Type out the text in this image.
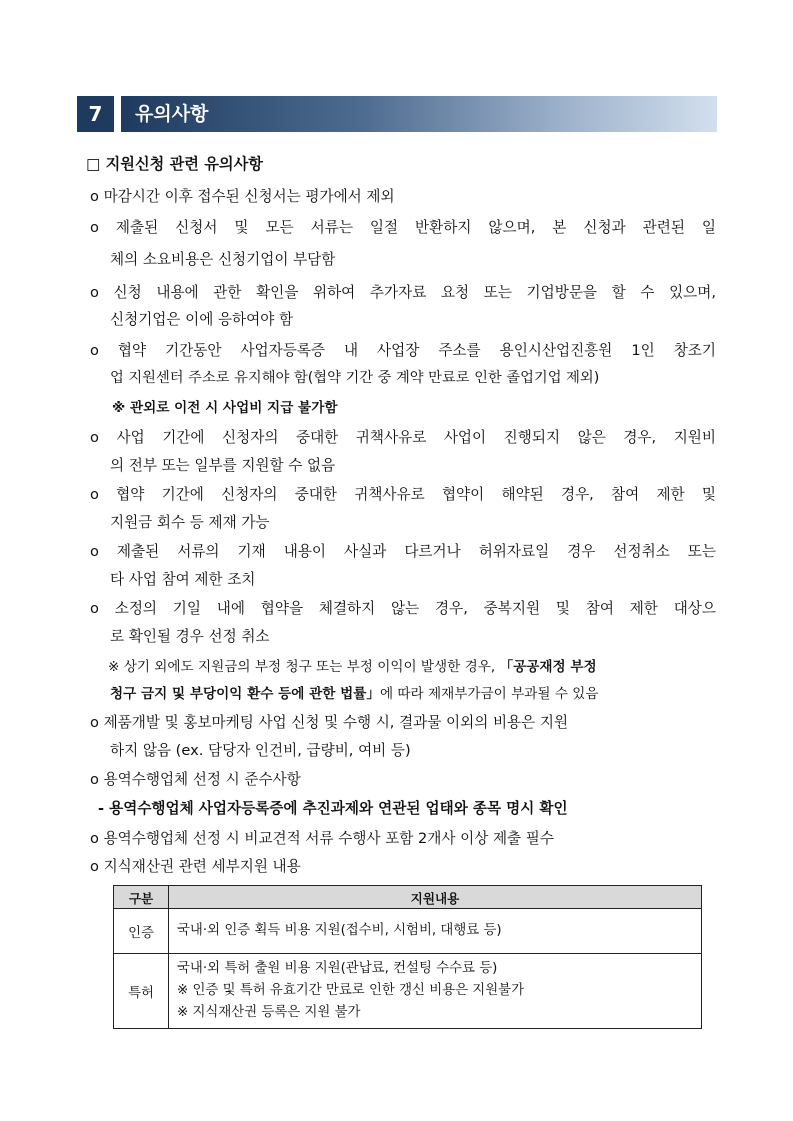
7	유의사항
□ 지원신청 관련 유의사항
o 마감시간 이후 접수된 신청서는 평가에서 제외
o 제출된 신청서 및 모든 서류는 일절 반환하지 않으며, 본 신청과 관련된 일
체의 소요비용은 신청기업이 부담함
o 신청 내용에 관한 확인을 위하여 추가자료 요청 또는 기업방문을 할 수 있으며,
신청기업은 이에 응하여야 함
o 협약 기간동안 사업자등록증 내 사업장 주소를 용인시산업진흥원 1인 창조기
업 지원센터 주소로 유지해야 함(협약 기간 중 계약 만료로 인한 졸업기업 제외)
※ 관외로 이전 시 사업비 지급 불가함
o 사업 기간에 신청자의 중대한 귀책사유로 사업이 진행되지 않은 경우, 지원비
의 전부 또는 일부를 지원할 수 없음
o 협약 기간에 신청자의 중대한 귀책사유로 협약이 해약된 경우, 참여 제한 및
지원금 회수 등 제재 가능
o 제출된 서류의 기재 내용이 사실과 다르거나 허위자료일 경우 선정취소 또는
타 사업 참여 제한 조치
o 소정의 기일 내에 협약을 체결하지 않는 경우, 중복지원 및 참여 제한 대상으
로 확인될 경우 선정 취소
※ 상기 외에도 지원금의 부정 청구 또는 부정 이익이 발생한 경우, 「공공재정 부정
청구 금지 및 부당이익 환수 등에 관한 법률」에 따라 제재부가금이 부과될 수 있음
o 제품개발 및 홍보마케팅 사업 신청 및 수행 시, 결과물 이외의 비용은 지원
하지 않음 (ex. 담당자 인건비, 급량비, 여비 등)
o 용역수행업체 선정 시 준수사항
- 용역수행업체 사업자등록증에 추진과제와 연관된 업태와 종목 명시 확인
o 용역수행업체 선정 시 비교견적 서류 수행사 포함 2개사 이상 제출 필수
o 지식재산권 관련 세부지원 내용
구분	지원내용
인증	국내·외 인증 획득 비용 지원(접수비, 시험비, 대행료 등)

특허	국내·외 특허 출원 비용 지원(관납료, 컨설팅 수수료 등)
※ 인증 및 특허 유효기간 만료로 인한 갱신 비용은 지원불가
※ 지식재산권 등록은 지원 불가
